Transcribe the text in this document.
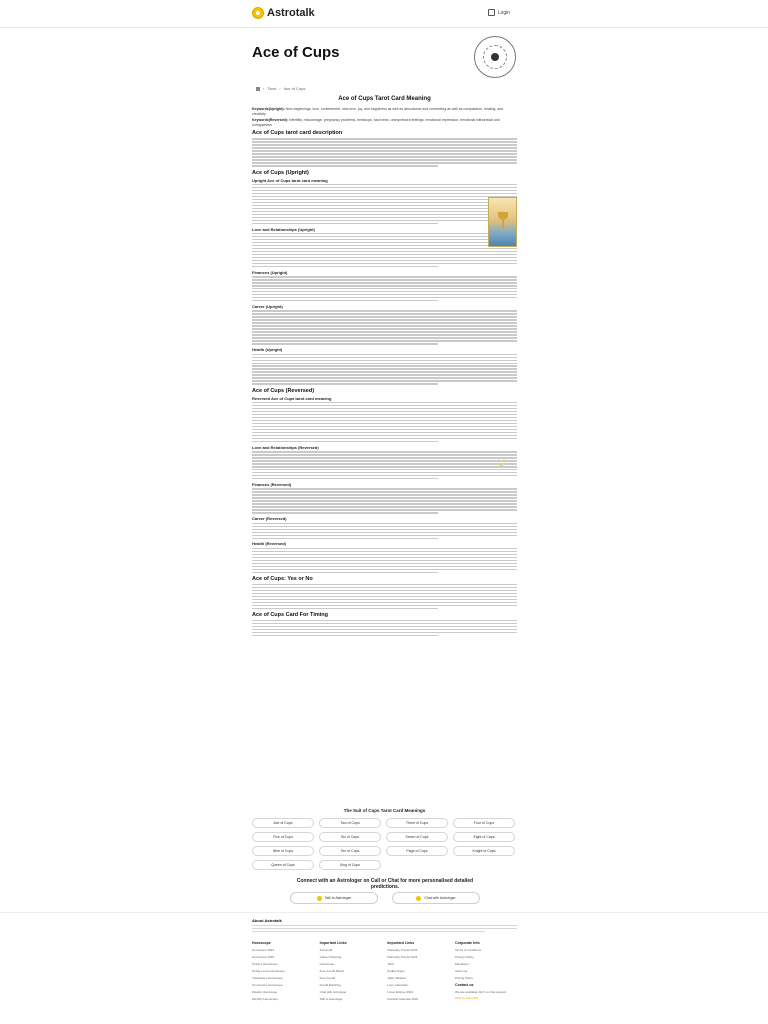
Astrotalk	Login
Ace of Cups
› Tarot › Ace of Cups
Ace of Cups Tarot Card Meaning
Keywords(Upright): New beginnings, love, contentment, new love, joy, and happiness as well as abundance and connecting as well as compassion, healing, and creativity
Keywords(Reversed): Infertility, miscarriage, pregnancy problems, breakups, bad news, unexpressed feelings, emotional repression, emotional withdrawal and unhappiness
Ace of Cups tarot card description
Ace of Cups (Upright)
Upright Ace of Cups tarot card meaning
Love and Relationships (Upright)
Finances (Upright)
Career (Upright)
Health (Upright)
Ace of Cups (Reversed)
Reversed Ace of Cups tarot card meaning
Love and Relationships (Reversed)
Finances (Reversed)
Career (Reversed)
Health (Reversed)
Ace of Cups: Yes or No
Ace of Cups Card For Timing
The Suit of Cups Tarot Card Meanings
Ace of Cups	Two of Cups	Three of Cups	Four of Cups
Five of Cups	Six of Cups	Seven of Cups	Eight of Cups
Nine of Cups	Ten of Cups	Page of Cups	Knight of Cups
Queen of Cups	King of Cups
Connect with an Astrologer on Call or Chat for more personalised detailed predictions.
Talk to Astrologer	Chat with Astrologer
About Astrotalk
Horoscope
Horoscope 2024
Horoscope 2025
Today's Horoscope
Today's Love Horoscope
Yesterday's Horoscope
Tomorrow's Horoscope
Weekly Horoscope
Monthly Horoscope
Important Links
Astromall
Career Planning
Horoscope
Free Kundli Match
Free Kundli
Kundli Matching
Chat with Astrologer
Talk to Astrologer
Important Links
Planetary Transit 2024
Planetary Transit 2025
Tarot
Zodiac Signs
Vastu Shastra
Love Calculator
Lunar Eclipse 2024
Festival Calendar 2024
Corporate Info
Terms & Conditions
Privacy Policy
Disclaimer
About Us
Pricing Policy
Contact us
We are available 24x7 on chat support
Click to start chat
